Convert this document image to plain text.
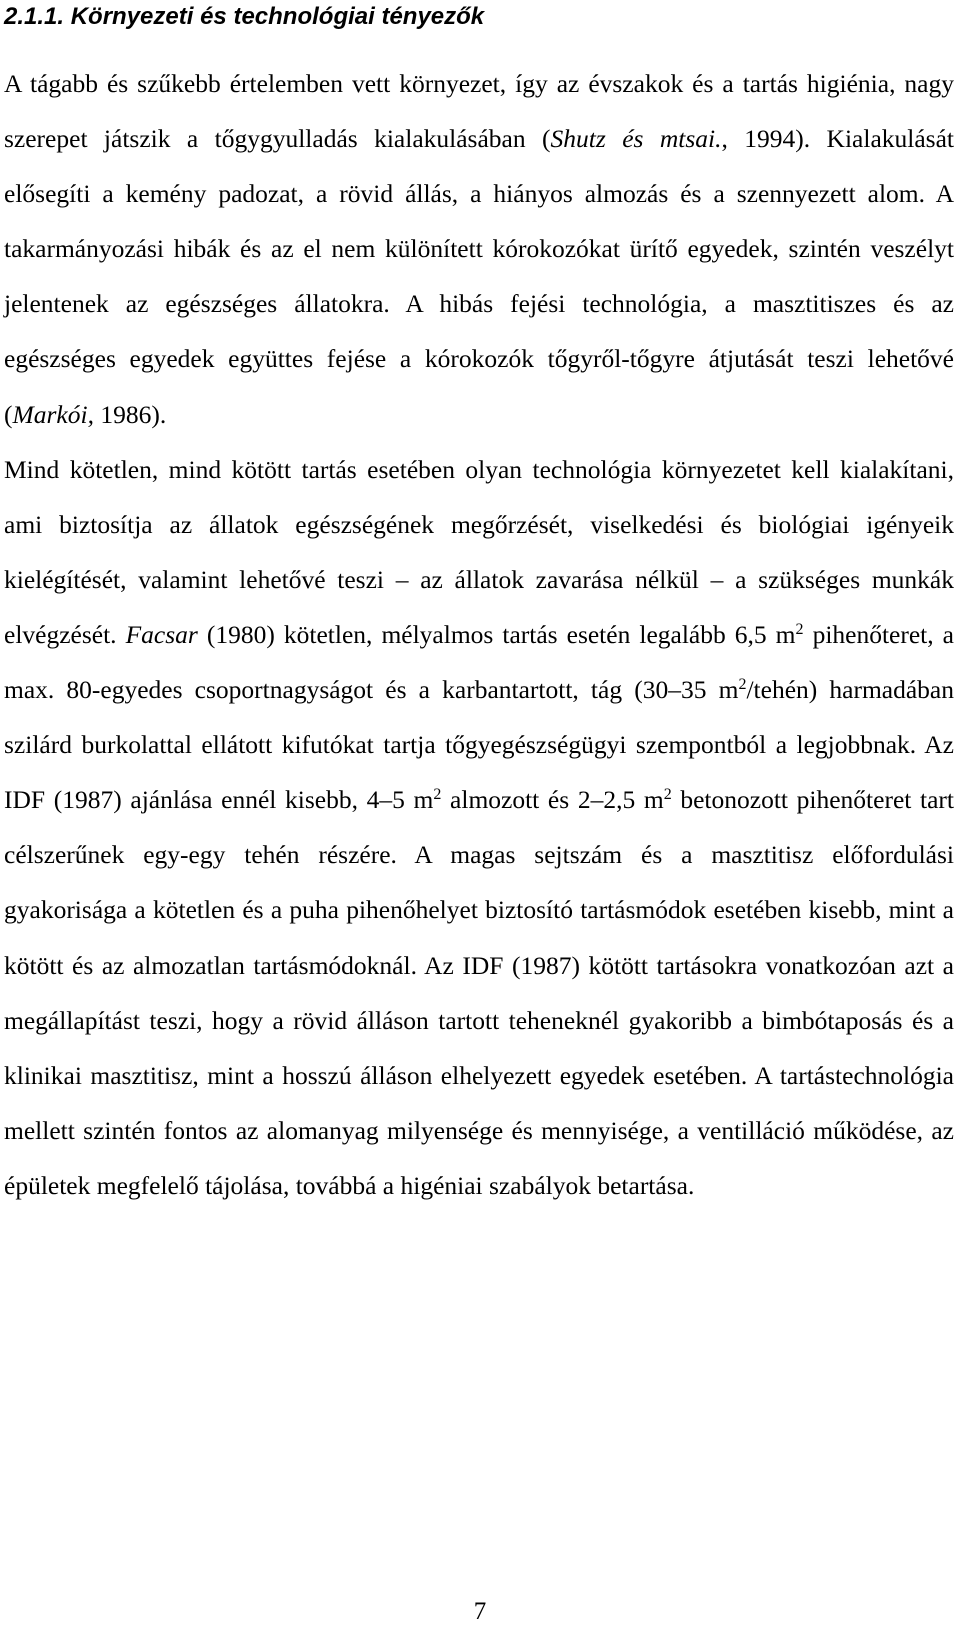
2.1.1. Környezeti és technológiai tényezők

A tágabb és szűkebb értelemben vett környezet, így az évszakok és a tartás higiénia, nagy szerepet játszik a tőgygyulladás kialakulásában (Shutz és mtsai., 1994). Kialakulását elősegíti a kemény padozat, a rövid állás, a hiányos almozás és a szennyezett alom. A takarmányozási hibák és az el nem különített kórokozókat ürítő egyedek, szintén veszélyt jelentenek az egészséges állatokra. A hibás fejési technológia, a masztitiszes és az egészséges egyedek együttes fejése a kórokozók tőgyről-tőgyre átjutását teszi lehetővé (Markói, 1986).

Mind kötetlen, mind kötött tartás esetében olyan technológia környezetet kell kialakítani, ami biztosítja az állatok egészségének megőrzését, viselkedési és biológiai igényeik kielégítését, valamint lehetővé teszi – az állatok zavarása nélkül – a szükséges munkák elvégzését. Facsar (1980) kötetlen, mélyalmos tartás esetén legalább 6,5 $m^2$ pihenőteret, a max. 80-egyedes csoportnagyságot és a karbantartott, tág (30–35 $m^2/tehén$) harmadában szilárd burkolattal ellátott kifutókat tartja tőgyegészségügyi szempontból a legjobbnak. Az IDF (1987) ajánlása ennél kisebb, 4–5 $m^2$ almozott és 2–2,5 $m^2$ betonozott pihenőteret tart célszerűnek egy-egy tehén részére. A magas sejtszám és a masztitisz előfordulási gyakorisága a kötetlen és a puha pihenőhelyet biztosító tartásmódok esetében kisebb, mint a kötött és az almozatlan tartásmódoknál. Az IDF (1987) kötött tartásokra vonatkozóan azt a megállapítást teszi, hogy a rövid álláson tartott teheneknél gyakoribb a bimbótaposás és a klinikai masztitisz, mint a hosszú álláson elhelyezett egyedek esetében. A tartástechnológia mellett szintén fontos az alomanyag milyensége és mennyisége, a ventilláció működése, az épületek megfelelő tájolása, továbbá a higéniai szabályok betartása.

7
